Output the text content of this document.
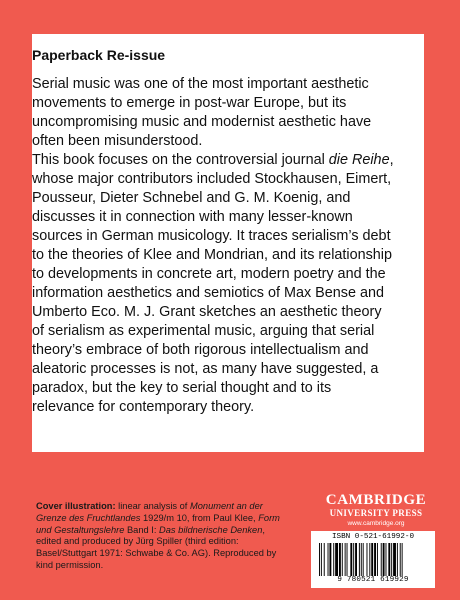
Paperback Re-issue
Serial music was one of the most important aesthetic
movements to emerge in post-war Europe, but its
uncompromising music and modernist aesthetic have
often been misunderstood.
This book focuses on the controversial journal die Reihe,
whose major contributors included Stockhausen, Eimert,
Pousseur, Dieter Schnebel and G. M. Koenig, and
discusses it in connection with many lesser-known
sources in German musicology. It traces serialism’s debt
to the theories of Klee and Mondrian, and its relationship
to developments in concrete art, modern poetry and the
information aesthetics and semiotics of Max Bense and
Umberto Eco. M. J. Grant sketches an aesthetic theory
of serialism as experimental music, arguing that serial
theory’s embrace of both rigorous intellectualism and
aleatoric processes is not, as many have suggested, a
paradox, but the key to serial thought and to its
relevance for contemporary theory.
Cover illustration: linear analysis of Monument an der
Grenze des Fruchtlandes 1929/m 10, from Paul Klee, Form
und Gestaltungslehre Band I: Das bildnerische Denken,
edited and produced by Jürg Spiller (third edition:
Basel/Stuttgart 1971: Schwabe & Co. AG). Reproduced by
kind permission.
CAMBRIDGE
UNIVERSITY PRESS
www.cambridge.org
ISBN 0-521-61992-0
9 780521 619929
